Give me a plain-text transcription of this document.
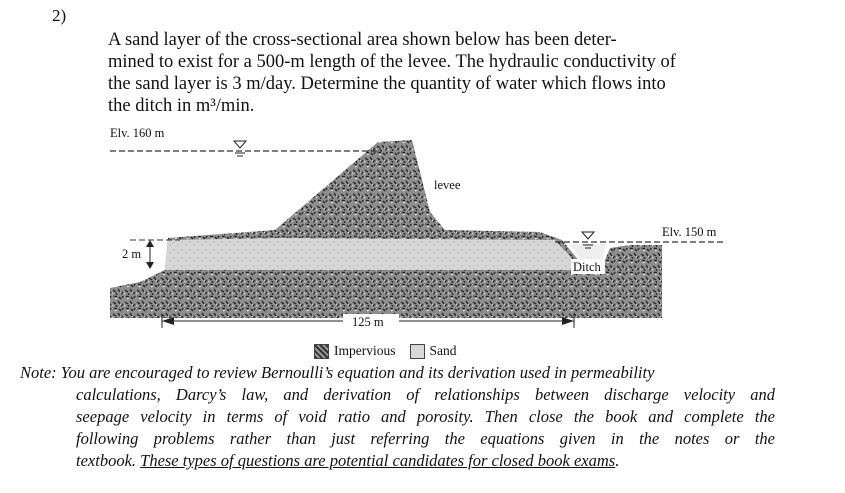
2)
A sand layer of the cross-sectional area shown below has been deter-
mined to exist for a 500-m length of the levee. The hydraulic conductivity of
the sand layer is 3 m/day. Determine the quantity of water which flows into
the ditch in m³/min.
Elv. 160 m
Elv. 150 m
levee
Ditch
2 m
125 m
Impervious	Sand
Note: You are encouraged to review Bernoulli’s equation and its derivation used in permeability
calculations, Darcy’s law, and derivation of relationships between discharge velocity and
seepage velocity in terms of void ratio and porosity. Then close the book and complete the
following problems rather than just referring the equations given in the notes or the
textbook. These types of questions are potential candidates for closed book exams.
